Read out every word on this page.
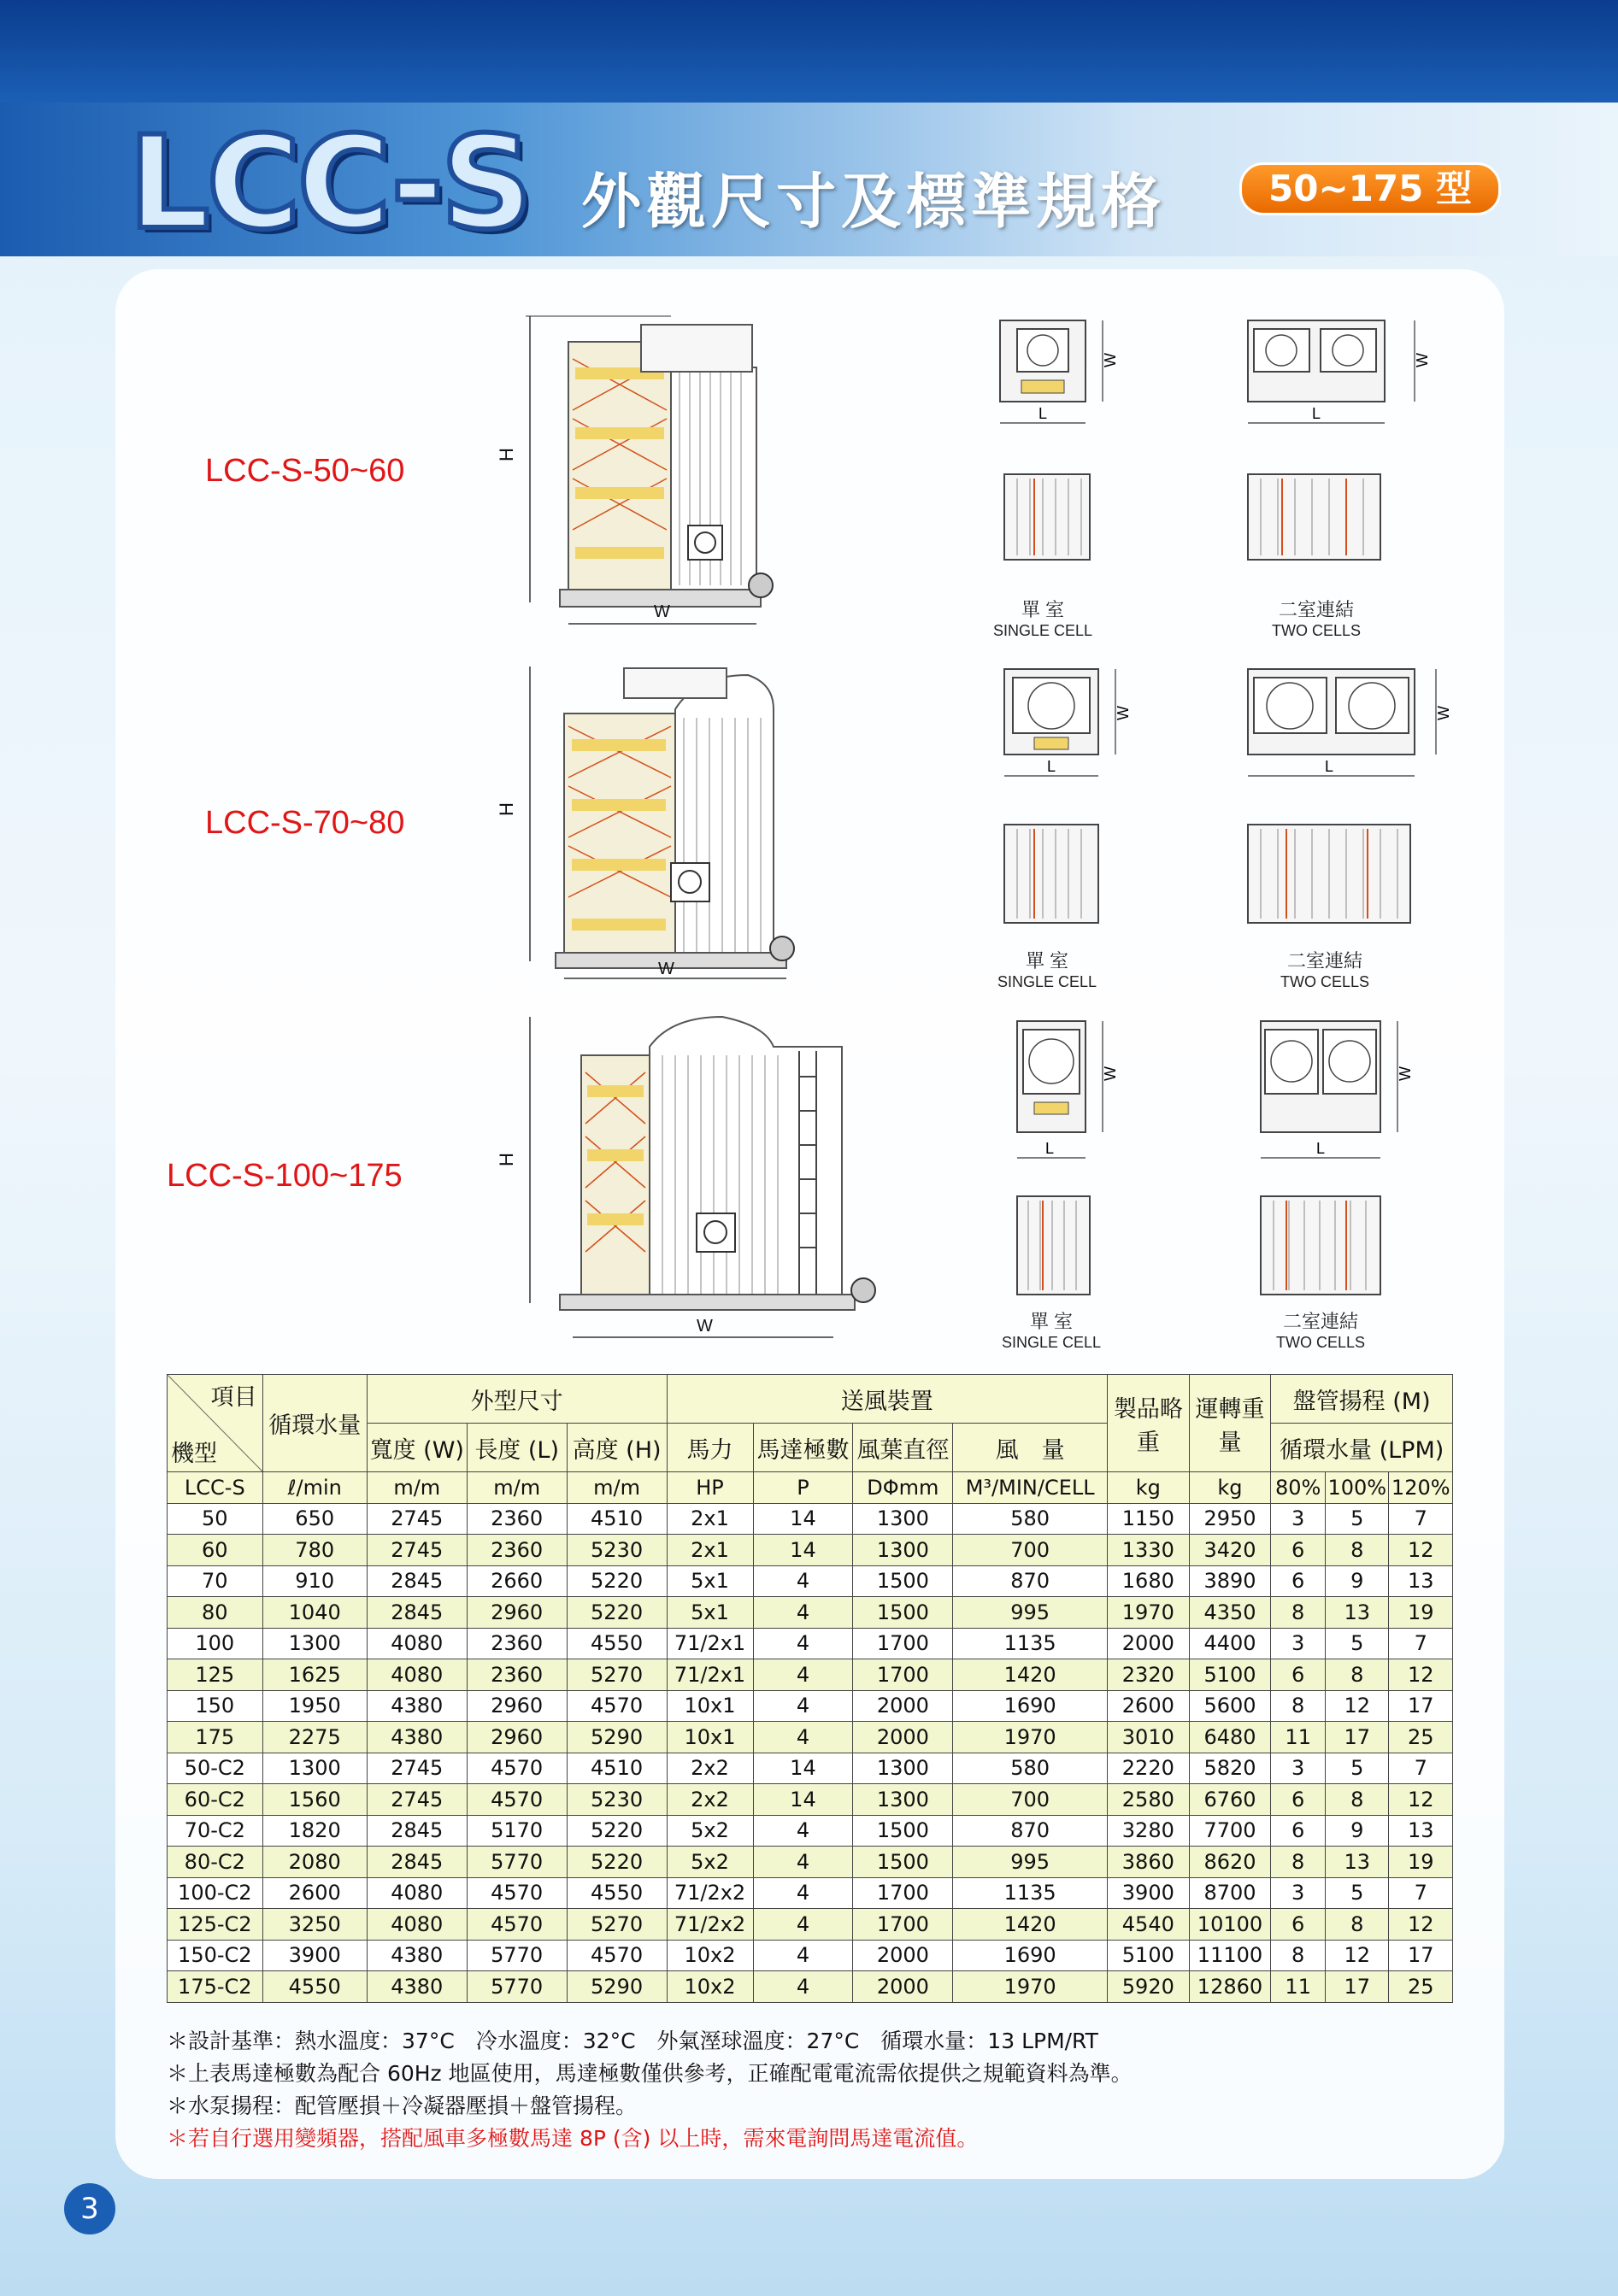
LCC-S 外觀尺寸及標準規格	50~175 型
LCC-S-50~60
LCC-S-70~80
LCC-S-100~175
H
W
H
W
H
W
W
L
W
L
單 室
SINGLE CELL
二室連結
TWO CELLS
W
L
W
L
單 室
SINGLE CELL
二室連結
TWO CELLS
W
L
W
L
單 室
SINGLE CELL
二室連結
TWO CELLS
項目
機型	循環水量	外型尺寸			送風裝置				製品略重	運轉重量	盤管揚程 (M)		
		寬度 (W)	長度 (L)	高度 (H)	馬力	馬達極數	風葉直徑	風　量			循環水量 (LPM)		
LCC-S	ℓ/min	m/m	m/m	m/m	HP	P	DΦmm	M³/MIN/CELL	kg	kg	80%	100%	120%
50	650	2745	2360	4510	2x1	14	1300	580	1150	2950	3	5	7
60	780	2745	2360	5230	2x1	14	1300	700	1330	3420	6	8	12
70	910	2845	2660	5220	5x1	4	1500	870	1680	3890	6	9	13
80	1040	2845	2960	5220	5x1	4	1500	995	1970	4350	8	13	19
100	1300	4080	2360	4550	71/2x1	4	1700	1135	2000	4400	3	5	7
125	1625	4080	2360	5270	71/2x1	4	1700	1420	2320	5100	6	8	12
150	1950	4380	2960	4570	10x1	4	2000	1690	2600	5600	8	12	17
175	2275	4380	2960	5290	10x1	4	2000	1970	3010	6480	11	17	25
50-C2	1300	2745	4570	4510	2x2	14	1300	580	2220	5820	3	5	7
60-C2	1560	2745	4570	5230	2x2	14	1300	700	2580	6760	6	8	12
70-C2	1820	2845	5170	5220	5x2	4	1500	870	3280	7700	6	9	13
80-C2	2080	2845	5770	5220	5x2	4	1500	995	3860	8620	8	13	19
100-C2	2600	4080	4570	4550	71/2x2	4	1700	1135	3900	8700	3	5	7
125-C2	3250	4080	4570	5270	71/2x2	4	1700	1420	4540	10100	6	8	12
150-C2	3900	4380	5770	4570	10x2	4	2000	1690	5100	11100	8	12	17
175-C2	4550	4380	5770	5290	10x2	4	2000	1970	5920	12860	11	17	25
＊設計基準：熱水溫度：37°C　冷水溫度：32°C　外氣溼球溫度：27°C　循環水量：13 LPM/RT
＊上表馬達極數為配合 60Hz 地區使用，馬達極數僅供參考，正確配電電流需依提供之規範資料為準。
＊水泵揚程：配管壓損＋冷凝器壓損＋盤管揚程。
＊若自行選用變頻器，搭配風車多極數馬達 8P (含) 以上時，需來電詢問馬達電流值。
3
